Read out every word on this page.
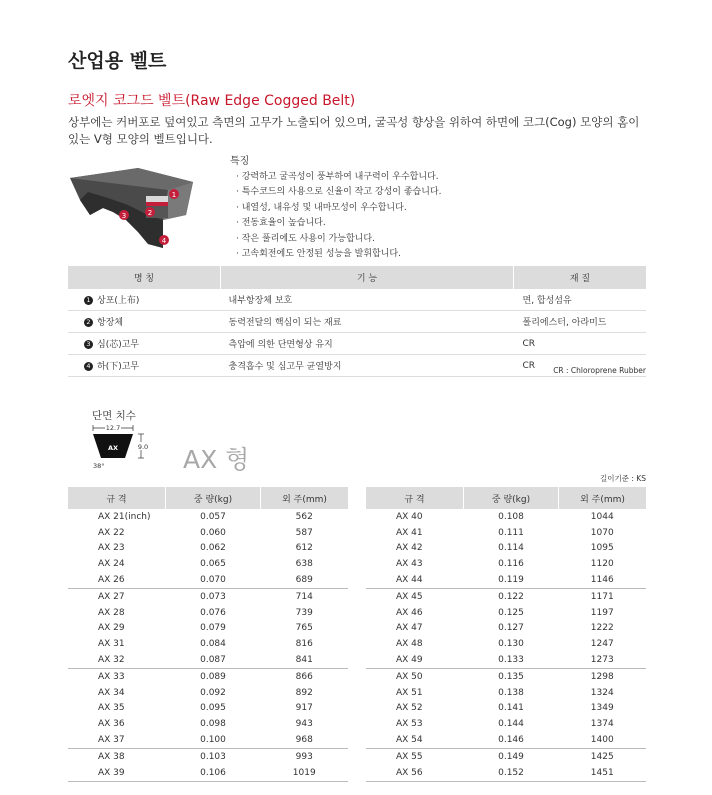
산업용 벨트
로엣지 코그드 벨트(Raw Edge Cogged Belt)
상부에는 커버포로 덮여있고 측면의 고무가 노출되어 있으며, 굴곡성 향상을 위하여 하면에 코그(Cog) 모양의 홈이 있는 V형 모양의 벨트입니다.
1
2
3
4
특징
· 강력하고 굴곡성이 풍부하여 내구력이 우수합니다.
· 특수코드의 사용으로 신율이 작고 강성이 좋습니다.
· 내열성, 내유성 및 내마모성이 우수합니다.
· 전동효율이 높습니다.
· 작은 풀리에도 사용이 가능합니다.
· 고속회전에도 안정된 성능을 발휘합니다.
명 칭	기 능	재 질
1 상포(上布)	내부항장체 보호	면, 합성섬유
2 항장체	동력전달의 핵심이 되는 재료	폴리에스터, 아라미드
3 심(芯)고무	측압에 의한 단면형상 유지	CR
4 하(下)고무	충격흡수 및 심고무 균열방지	CR CR : Chloroprene Rubber
단면 치수
12.7
AX	9.0
38°	AX 형
길이기준 : KS
규 격	중 량(kg)	외 주(mm)
AX 21(inch)	0.057	562
AX 22	0.060	587
AX 23	0.062	612
AX 24	0.065	638
AX 26	0.070	689
AX 27	0.073	714
AX 28	0.076	739
AX 29	0.079	765
AX 31	0.084	816
AX 32	0.087	841
AX 33	0.089	866
AX 34	0.092	892
AX 35	0.095	917
AX 36	0.098	943
AX 37	0.100	968
AX 38	0.103	993
AX 39	0.106	1019
규 격	중 량(kg)	외 주(mm)
AX 40	0.108	1044
AX 41	0.111	1070
AX 42	0.114	1095
AX 43	0.116	1120
AX 44	0.119	1146
AX 45	0.122	1171
AX 46	0.125	1197
AX 47	0.127	1222
AX 48	0.130	1247
AX 49	0.133	1273
AX 50	0.135	1298
AX 51	0.138	1324
AX 52	0.141	1349
AX 53	0.144	1374
AX 54	0.146	1400
AX 55	0.149	1425
AX 56	0.152	1451
